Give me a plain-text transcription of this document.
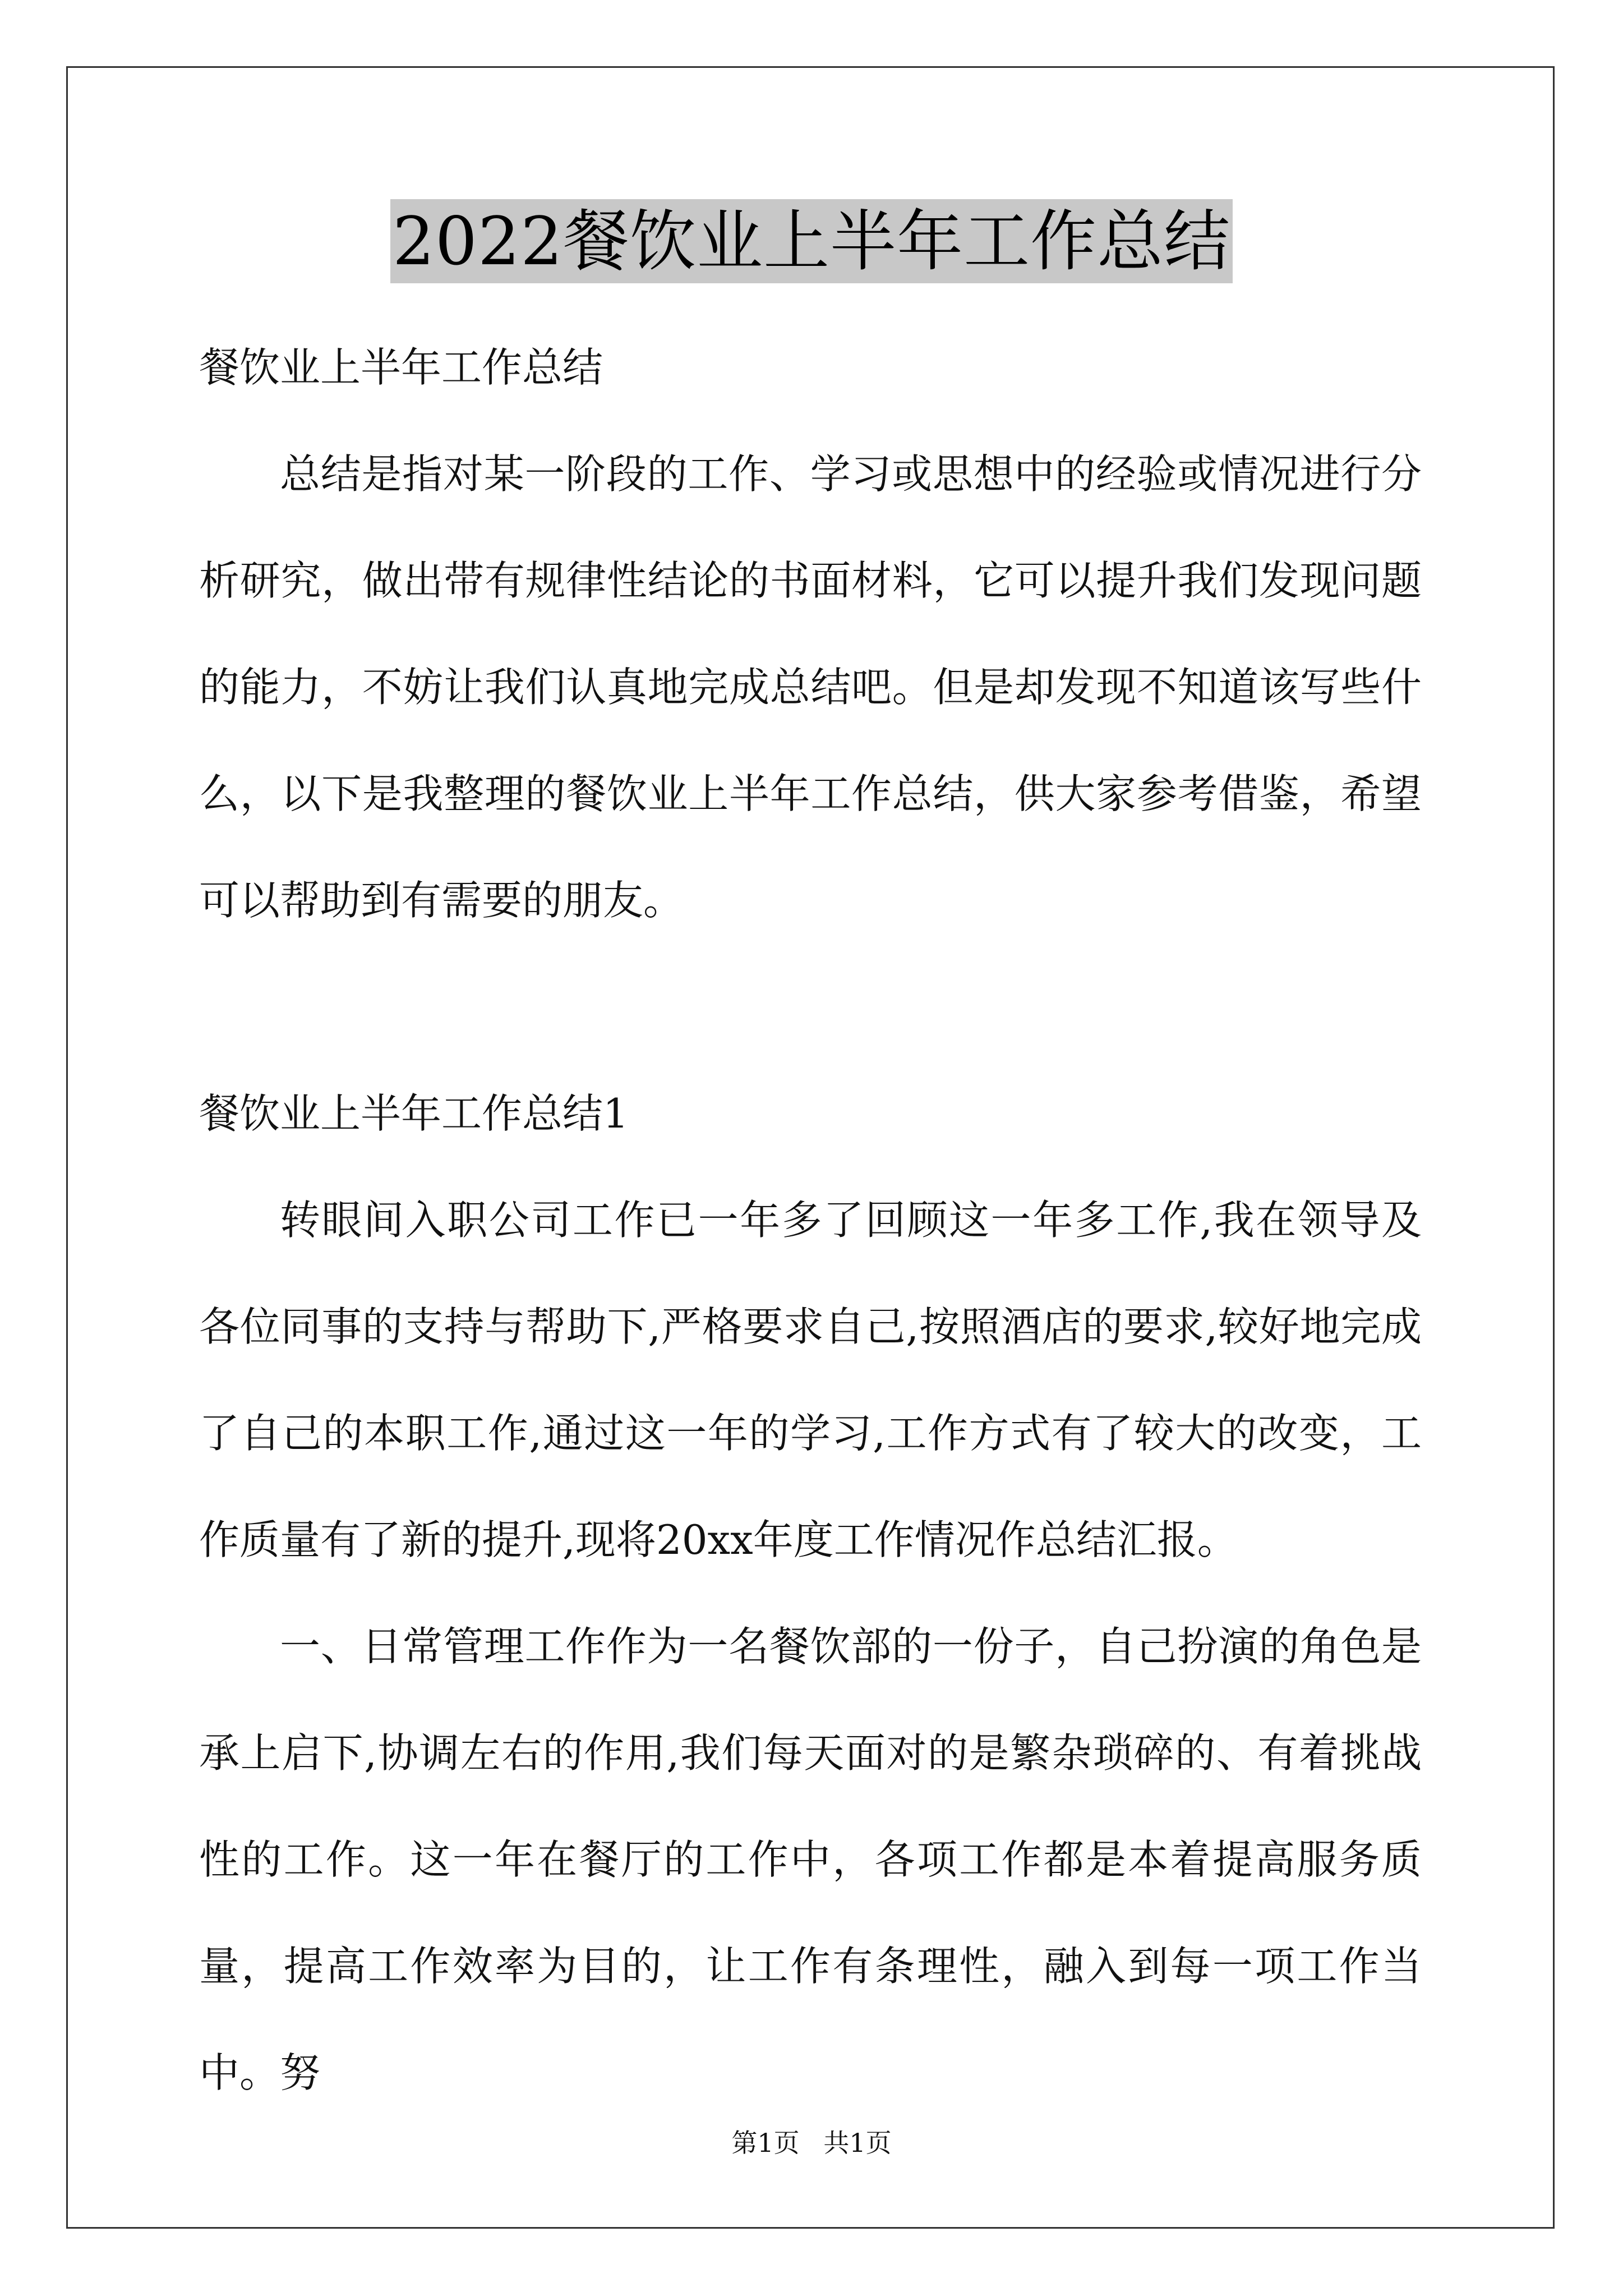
2022餐饮业上半年工作总结
餐饮业上半年工作总结

总结是指对某一阶段的工作、学习或思想中的经验或情况进行分析研究，做出带有规律性结论的书面材料，它可以提升我们发现问题的能力，不妨让我们认真地完成总结吧。但是却发现不知道该写些什么，以下是我整理的餐饮业上半年工作总结，供大家参考借鉴，希望可以帮助到有需要的朋友。

餐饮业上半年工作总结1

转眼间入职公司工作已一年多了回顾这一年多工作,我在领导及各位同事的支持与帮助下,严格要求自己,按照酒店的要求,较好地完成了自己的本职工作,通过这一年的学习,工作方式有了较大的改变，工作质量有了新的提升,现将20xx年度工作情况作总结汇报。

一、日常管理工作作为一名餐饮部的一份子，自己扮演的角色是承上启下,协调左右的作用,我们每天面对的是繁杂琐碎的、有着挑战性的工作。这一年在餐厅的工作中，各项工作都是本着提高服务质量，提高工作效率为目的，让工作有条理性，融入到每一项工作当中。努

第1页 共1页
